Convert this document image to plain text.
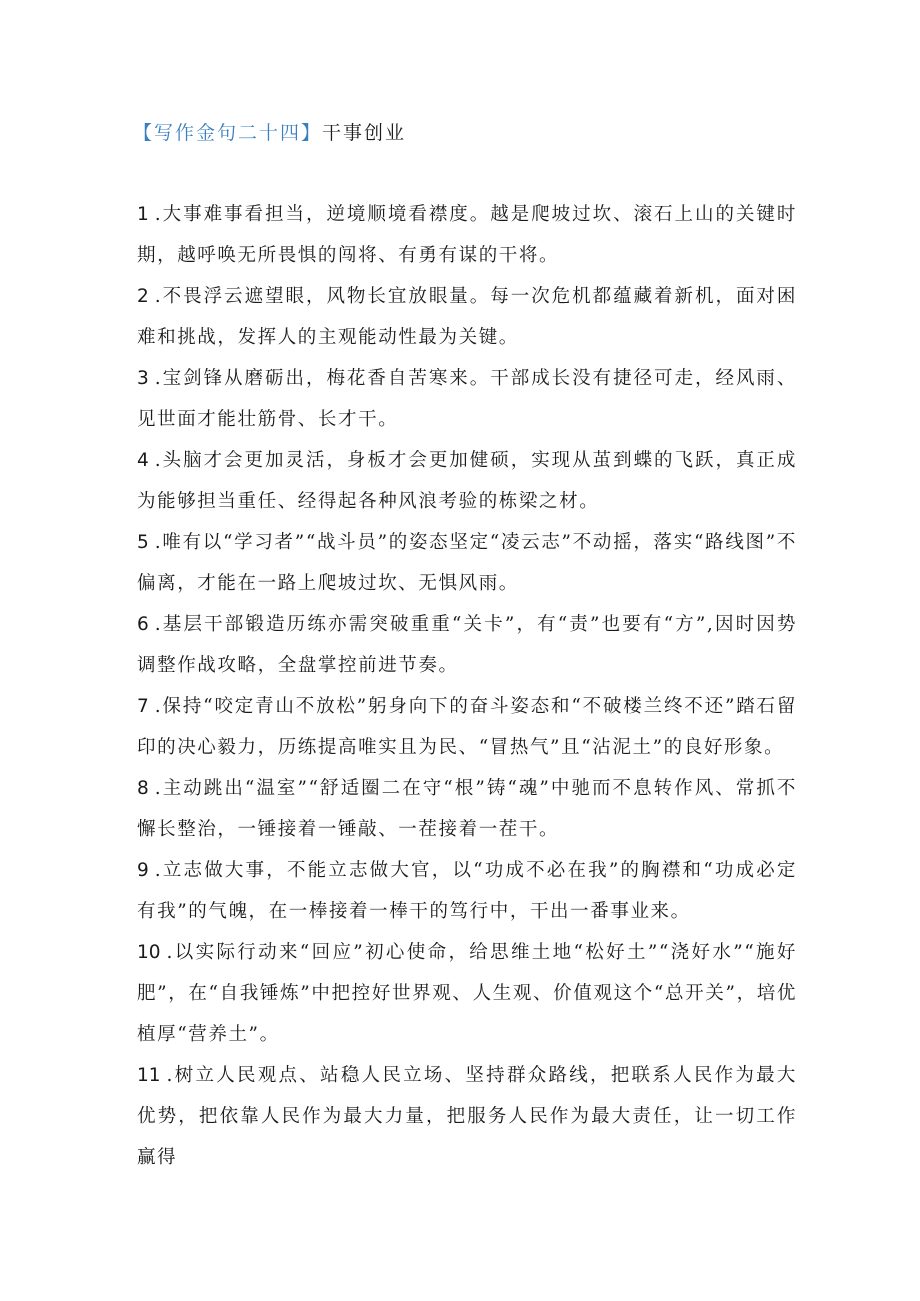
【写作金句二十四】干事创业
1 .大事难事看担当，逆境顺境看襟度。越是爬坡过坎、滚石上山的关键时期，越呼唤无所畏惧的闯将、有勇有谋的干将。
2 .不畏浮云遮望眼，风物长宜放眼量。每一次危机都蕴藏着新机，面对困难和挑战，发挥人的主观能动性最为关键。
3 .宝剑锋从磨砺出，梅花香自苦寒来。干部成长没有捷径可走，经风雨、见世面才能壮筋骨、长才干。
4 .头脑才会更加灵活，身板才会更加健硕，实现从茧到蝶的飞跃，真正成为能够担当重任、经得起各种风浪考验的栋梁之材。
5 .唯有以“学习者”“战斗员”的姿态坚定“凌云志”不动摇，落实“路线图”不偏离，才能在一路上爬坡过坎、无惧风雨。
6 .基层干部锻造历练亦需突破重重“关卡”，有“责”也要有“方”,因时因势调整作战攻略，全盘掌控前进节奏。
7 .保持“咬定青山不放松”躬身向下的奋斗姿态和“不破楼兰终不还”踏石留印的决心毅力，历练提高唯实且为民、“冒热气”且“沾泥土”的良好形象。
8 .主动跳出“温室”“舒适圈二在守“根”铸“魂”中驰而不息转作风、常抓不懈长整治，一锤接着一锤敲、一茬接着一茬干。
9 .立志做大事，不能立志做大官，以“功成不必在我”的胸襟和“功成必定有我”的气魄，在一棒接着一棒干的笃行中，干出一番事业来。
10 .以实际行动来“回应”初心使命，给思维土地“松好土”“浇好水”“施好肥”，在“自我锤炼”中把控好世界观、人生观、价值观这个“总开关”，培优植厚“营养土”。
11 .树立人民观点、站稳人民立场、坚持群众路线，把联系人民作为最大优势，把依靠人民作为最大力量，把服务人民作为最大责任，让一切工作赢得
